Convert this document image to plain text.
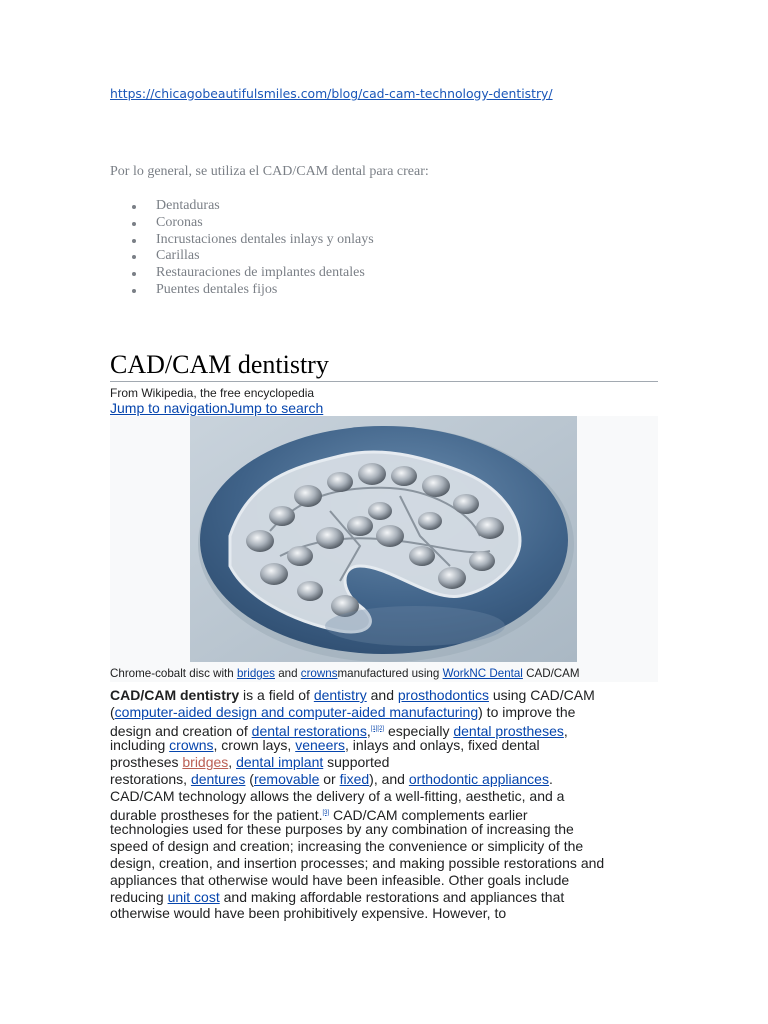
https://chicagobeautifulsmiles.com/blog/cad-cam-technology-dentistry/
Por lo general, se utiliza el CAD/CAM dental para crear:
Dentaduras
Coronas
Incrustaciones dentales inlays y onlays
Carillas
Restauraciones de implantes dentales
Puentes dentales fijos
CAD/CAM dentistry
From Wikipedia, the free encyclopedia
Jump to navigationJump to search
Chrome-cobalt disc with bridges and crownsmanufactured using WorkNC Dental CAD/CAM
CAD/CAM dentistry is a field of dentistry and prosthodontics using CAD/CAM
(computer-aided design and computer-aided manufacturing) to improve the
design and creation of dental restorations,[1][2] especially dental prostheses,
including crowns, crown lays, veneers, inlays and onlays, fixed dental
prostheses bridges, dental implant supported
restorations, dentures (removable or fixed), and orthodontic appliances.
CAD/CAM technology allows the delivery of a well-fitting, aesthetic, and a
durable prostheses for the patient.[3] CAD/CAM complements earlier
technologies used for these purposes by any combination of increasing the
speed of design and creation; increasing the convenience or simplicity of the
design, creation, and insertion processes; and making possible restorations and
appliances that otherwise would have been infeasible. Other goals include
reducing unit cost and making affordable restorations and appliances that
otherwise would have been prohibitively expensive. However, to
